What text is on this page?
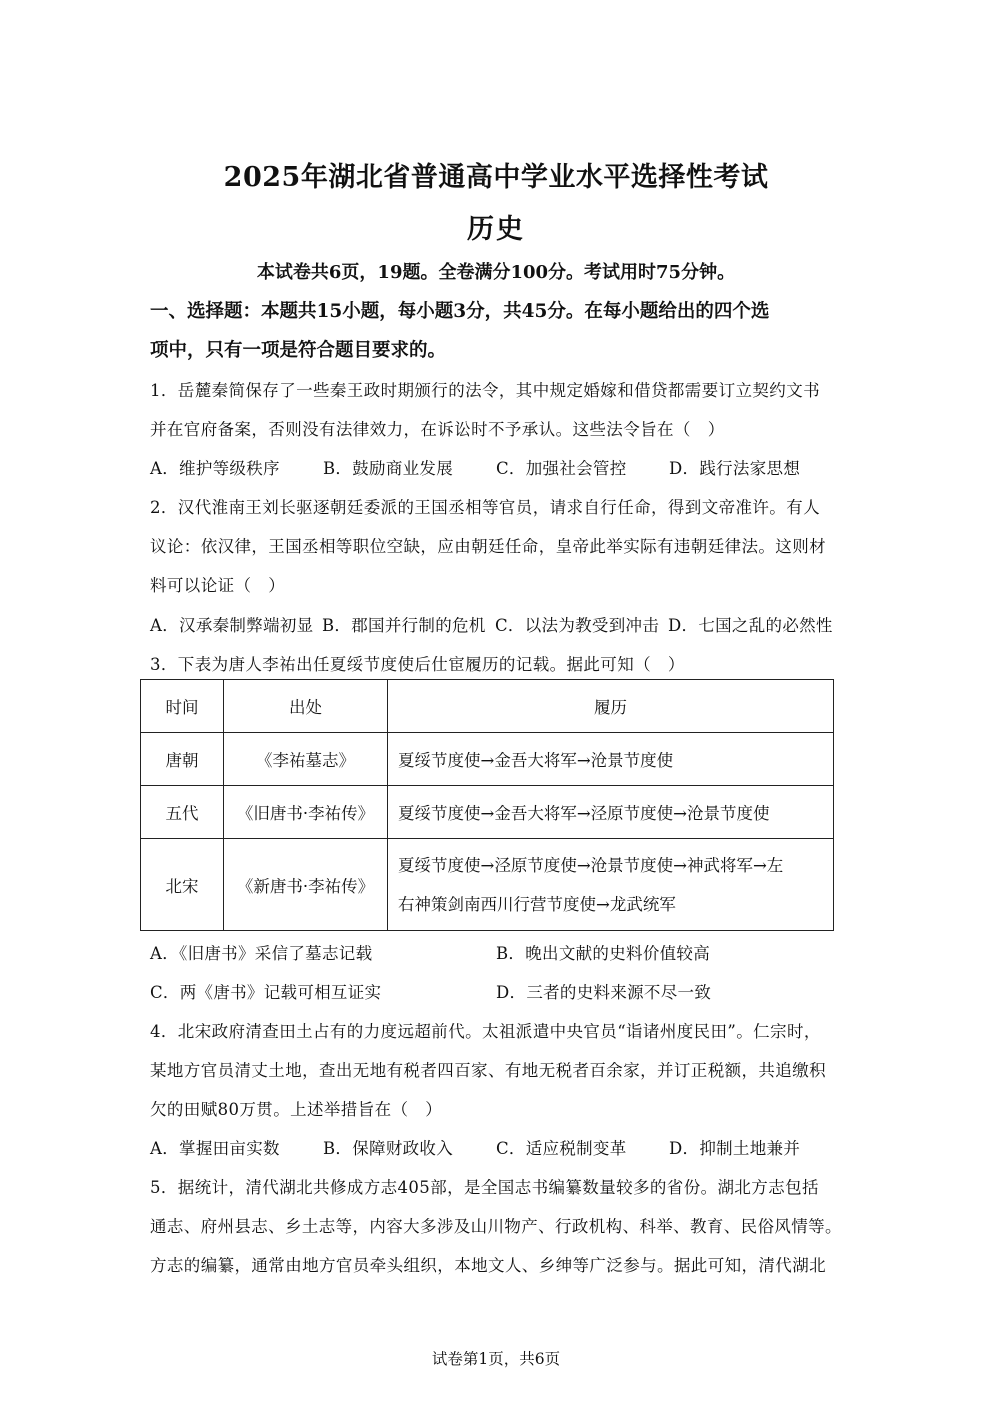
2025年湖北省普通高中学业水平选择性考试
历史
本试卷共6页，19题。全卷满分100分。考试用时75分钟。
一、选择题：本题共15小题，每小题3分，共45分。在每小题给出的四个选
项中，只有一项是符合题目要求的。
1．岳麓秦简保存了一些秦王政时期颁行的法令，其中规定婚嫁和借贷都需要订立契约文书
并在官府备案，否则没有法律效力，在诉讼时不予承认。这些法令旨在（　）
A．维护等级秩序	B．鼓励商业发展	C．加强社会管控	D．践行法家思想
2．汉代淮南王刘长驱逐朝廷委派的王国丞相等官员，请求自行任命，得到文帝准许。有人
议论：依汉律，王国丞相等职位空缺，应由朝廷任命，皇帝此举实际有违朝廷律法。这则材
料可以论证（　）
A．汉承秦制弊端初显 B．郡国并行制的危机 C．以法为教受到冲击 D．七国之乱的必然性
3．下表为唐人李祐出任夏绥节度使后仕宦履历的记载。据此可知（　）
时间	出处	履历
唐朝	《李祐墓志》	夏绥节度使→金吾大将军→沧景节度使
五代	《旧唐书·李祐传》	夏绥节度使→金吾大将军→泾原节度使→沧景节度使
北宋	《新唐书·李祐传》	夏绥节度使→泾原节度使→沧景节度使→神武将军→左
右神策剑南西川行营节度使→龙武统军
A．《旧唐书》采信了墓志记载	B．晚出文献的史料价值较高
C．两《唐书》记载可相互证实	D．三者的史料来源不尽一致
4．北宋政府清查田土占有的力度远超前代。太祖派遣中央官员“诣诸州度民田”。仁宗时，
某地方官员清丈土地，查出无地有税者四百家、有地无税者百余家，并订正税额，共追缴积
欠的田赋80万贯。上述举措旨在（　）
A．掌握田亩实数	B．保障财政收入	C．适应税制变革	D．抑制土地兼并
5．据统计，清代湖北共修成方志405部，是全国志书编纂数量较多的省份。湖北方志包括
通志、府州县志、乡土志等，内容大多涉及山川物产、行政机构、科举、教育、民俗风情等。
方志的编纂，通常由地方官员牵头组织，本地文人、乡绅等广泛参与。据此可知，清代湖北
试卷第1页，共6页
